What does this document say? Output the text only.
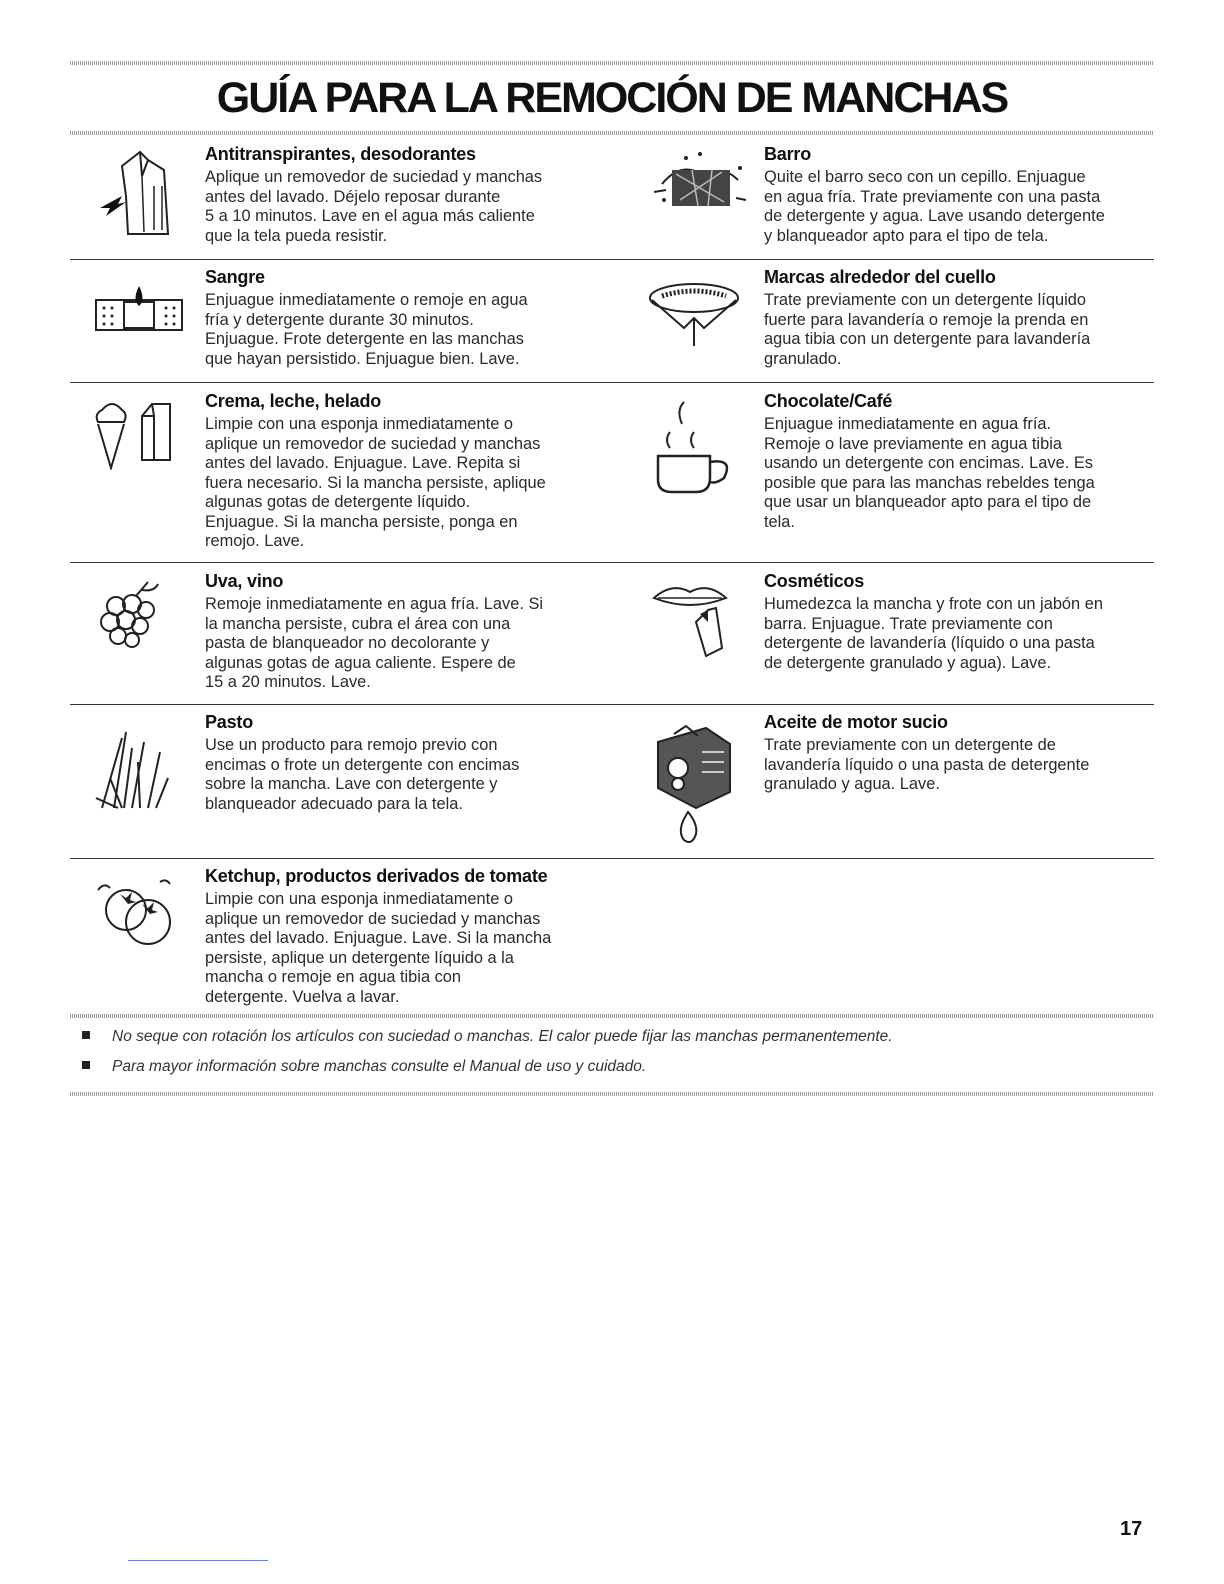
GUÍA PARA LA REMOCIÓN DE MANCHAS
Antitranspirantes, desodorantes

Aplique un removedor de suciedad y manchas
antes del lavado. Déjelo reposar durante
5 a 10 minutos. Lave en el agua más caliente
que la tela pueda resistir.

Barro

Quite el barro seco con un cepillo. Enjuague
en agua fría. Trate previamente con una pasta
de detergente y agua. Lave usando detergente
y blanqueador apto para el tipo de tela.

Sangre

Enjuague inmediatamente o remoje en agua
fría y detergente durante 30 minutos.
Enjuague. Frote detergente en las manchas
que hayan persistido. Enjuague bien. Lave.

Marcas alrededor del cuello

Trate previamente con un detergente líquido
fuerte para lavandería o remoje la prenda en
agua tibia con un detergente para lavandería
granulado.

Crema, leche, helado

Limpie con una esponja inmediatamente o
aplique un removedor de suciedad y manchas
antes del lavado. Enjuague. Lave. Repita si
fuera necesario. Si la mancha persiste, aplique
algunas gotas de detergente líquido.
Enjuague. Si la mancha persiste, ponga en
remojo. Lave.

Chocolate/Café

Enjuague inmediatamente en agua fría.
Remoje o lave previamente en agua tibia
usando un detergente con encimas. Lave. Es
posible que para las manchas rebeldes tenga
que usar un blanqueador apto para el tipo de
tela.

Uva, vino

Remoje inmediatamente en agua fría. Lave. Si
la mancha persiste, cubra el área con una
pasta de blanqueador no decolorante y
algunas gotas de agua caliente. Espere de
15 a 20 minutos. Lave.

Cosméticos

Humedezca la mancha y frote con un jabón en
barra. Enjuague. Trate previamente con
detergente de lavandería (líquido o una pasta
de detergente granulado y agua). Lave.

Pasto

Use un producto para remojo previo con
encimas o frote un detergente con encimas
sobre la mancha. Lave con detergente y
blanqueador adecuado para la tela.

Aceite de motor sucio

Trate previamente con un detergente de
lavandería líquido o una pasta de detergente
granulado y agua. Lave.

Ketchup, productos derivados de tomate

Limpie con una esponja inmediatamente o
aplique un removedor de suciedad y manchas
antes del lavado. Enjuague. Lave. Si la mancha
persiste, aplique un detergente líquido a la
mancha o remoje en agua tibia con
detergente. Vuelva a lavar.

No seque con rotación los artículos con suciedad o manchas. El calor puede fijar las manchas permanentemente.
Para mayor información sobre manchas consulte el Manual de uso y cuidado.
17
